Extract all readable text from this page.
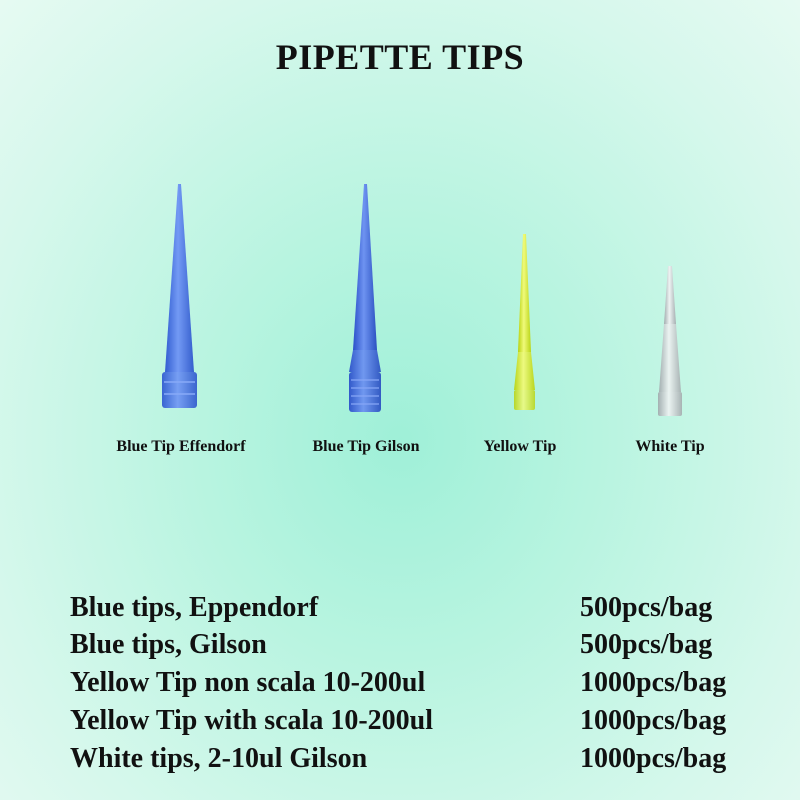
PIPETTE TIPS
Blue Tip Effendorf	Blue Tip Gilson	Yellow Tip	White Tip
Blue tips, Eppendorf	500pcs/bag
Blue tips, Gilson	500pcs/bag
Yellow Tip non scala 10-200ul	1000pcs/bag
Yellow Tip with scala 10-200ul	1000pcs/bag
White tips, 2-10ul Gilson	1000pcs/bag
